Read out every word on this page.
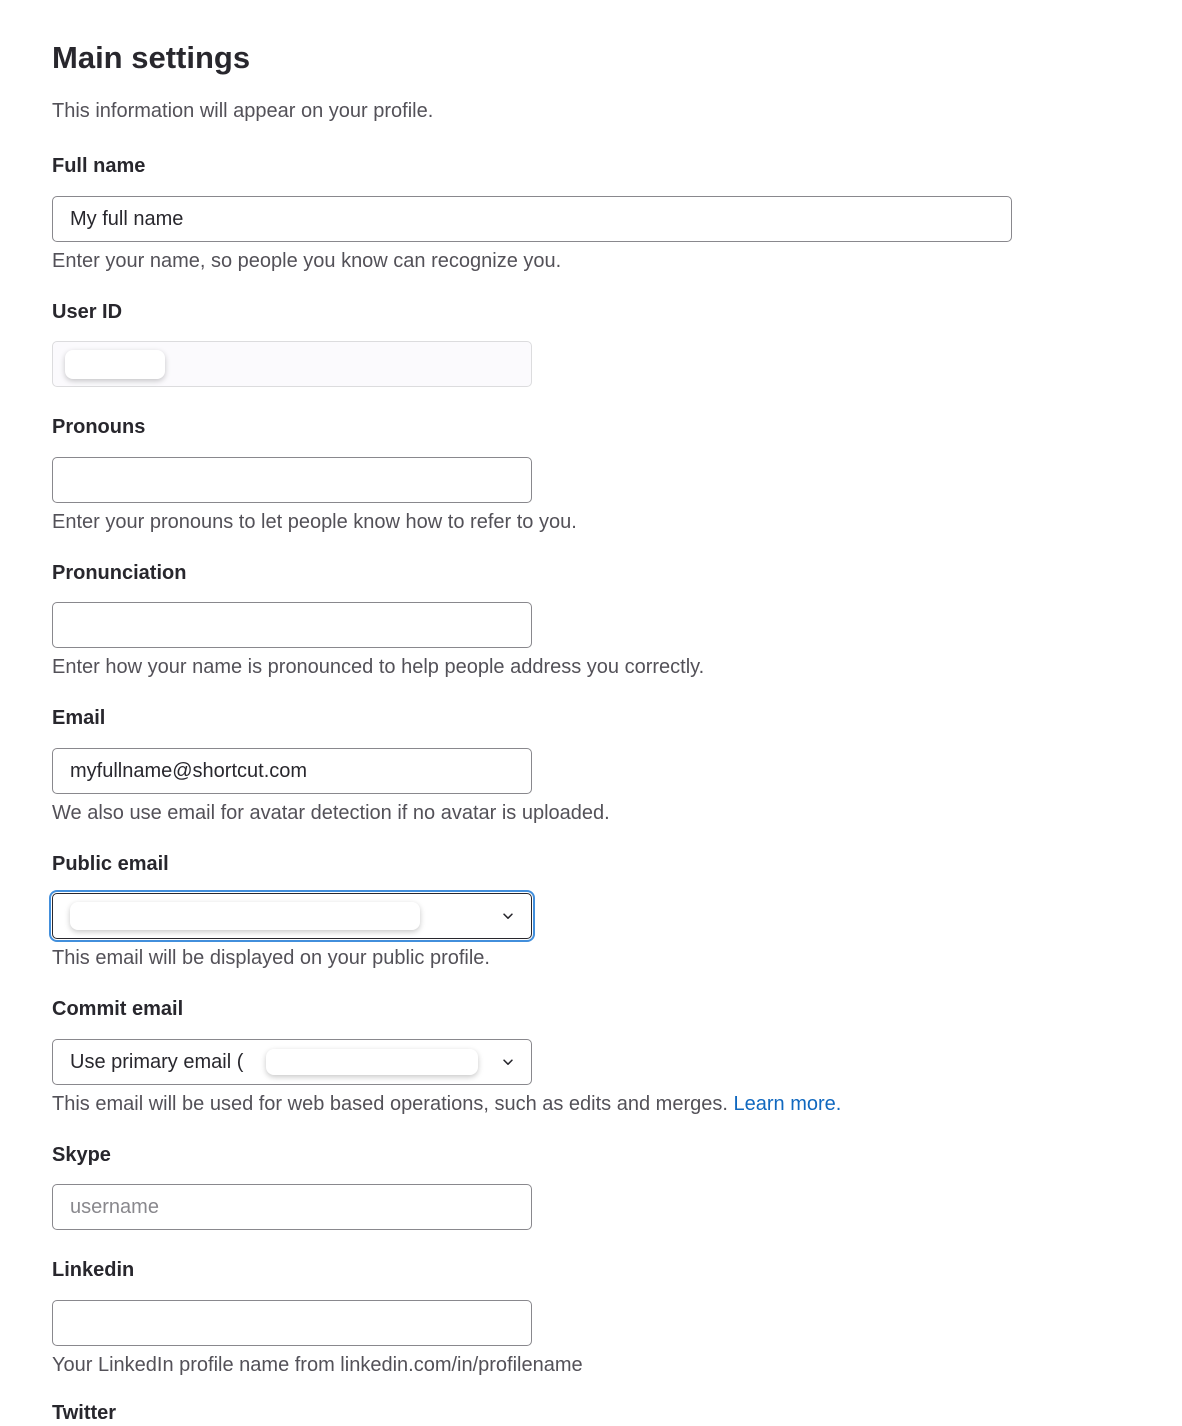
Main settings
This information will appear on your profile.
Full name
My full name
Enter your name, so people you know can recognize you.
User ID
Pronouns
Enter your pronouns to let people know how to refer to you.
Pronunciation
Enter how your name is pronounced to help people address you correctly.
Email
myfullname@shortcut.com
We also use email for avatar detection if no avatar is uploaded.
Public email
This email will be displayed on your public profile.
Commit email
Use primary email (
This email will be used for web based operations, such as edits and merges. Learn more.
Skype
username
Linkedin
Your LinkedIn profile name from linkedin.com/in/profilename
Twitter
